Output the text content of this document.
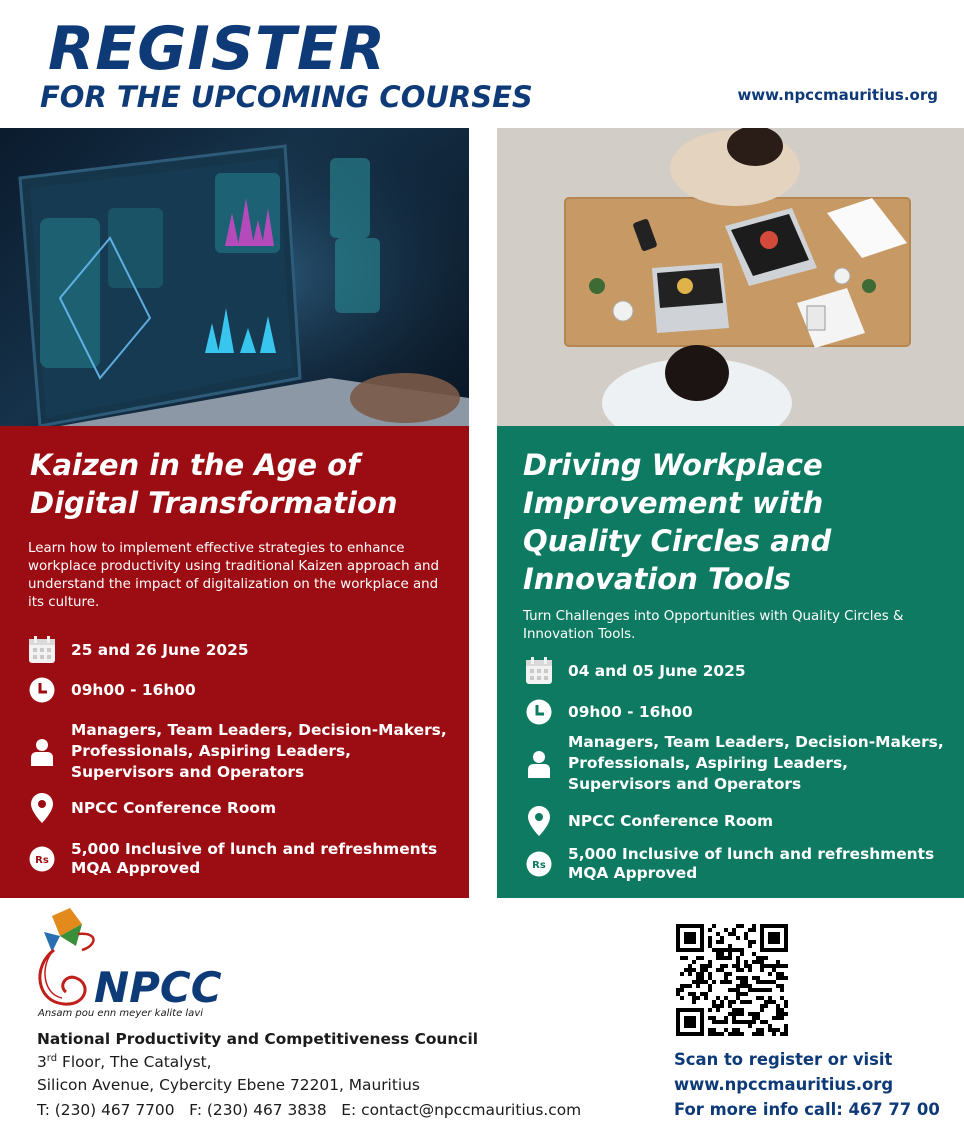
REGISTER
FOR THE UPCOMING COURSES	www.npccmauritius.org
Kaizen in the Age of
Digital Transformation
Learn how to implement effective strategies to enhance workplace productivity using traditional Kaizen approach and understand the impact of digitalization on the workplace and its culture.
25 and 26 June 2025
09h00 - 16h00
Managers, Team Leaders, Decision-Makers, Professionals, Aspiring Leaders, Supervisors and Operators
NPCC Conference Room
Rs
5,000 Inclusive of lunch and refreshments
MQA Approved
Driving Workplace
Improvement with
Quality Circles and
Innovation Tools
Turn Challenges into Opportunities with Quality Circles & Innovation Tools.
04 and 05 June 2025
09h00 - 16h00
Managers, Team Leaders, Decision-Makers, Professionals, Aspiring Leaders, Supervisors and Operators
NPCC Conference Room
Rs
5,000 Inclusive of lunch and refreshments
MQA Approved
NPCC
Ansam pou enn meyer kalite lavi
National Productivity and Competitiveness Council
3rd Floor, The Catalyst,
Silicon Avenue, Cybercity Ebene 72201, Mauritius
T: (230) 467 7700   F: (230) 467 3838   E: contact@npccmauritius.com
Scan to register or visit
www.npccmauritius.org
For more info call: 467 77 00
